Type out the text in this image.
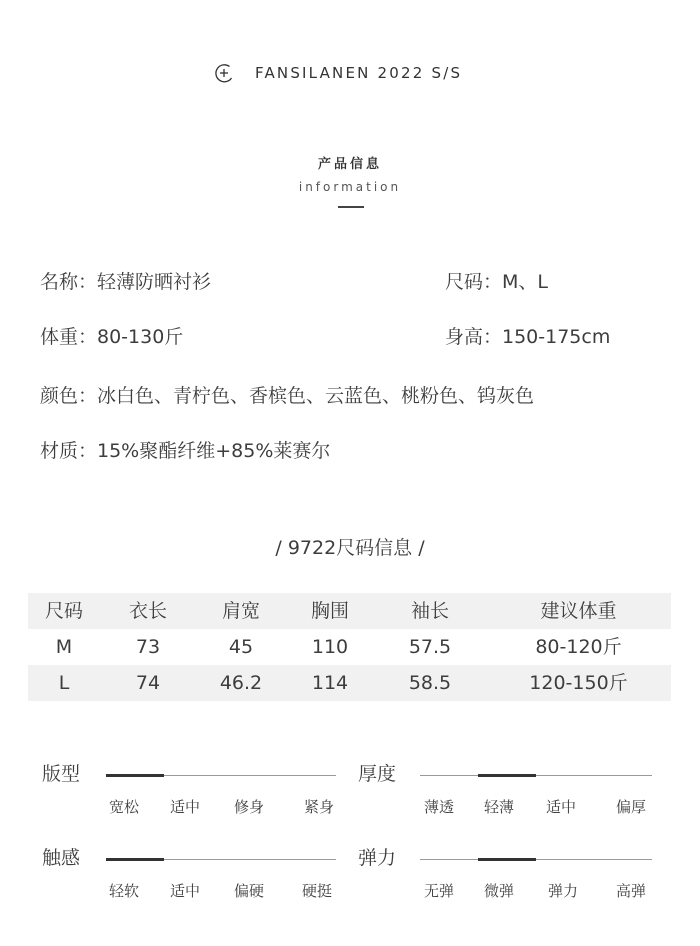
FANSILANEN 2022 S/S
产品信息
information
名称：轻薄防晒衬衫	尺码：M、L
体重：80-130斤	身高：150-175cm
颜色：冰白色、青柠色、香槟色、云蓝色、桃粉色、钨灰色
材质：15%聚酯纤维+85%莱赛尔
/ 9722尺码信息 /
尺码	衣长	肩宽	胸围	袖长	建议体重
M	73	45	110	57.5	80-120斤
L	74	46.2	114	58.5	120-150斤
版型
宽松 适中 修身	紧身
厚度
薄透 轻薄 适中	偏厚
触感
轻软 适中 偏硬	硬挺
弹力
无弹 微弹 弹力	高弹
